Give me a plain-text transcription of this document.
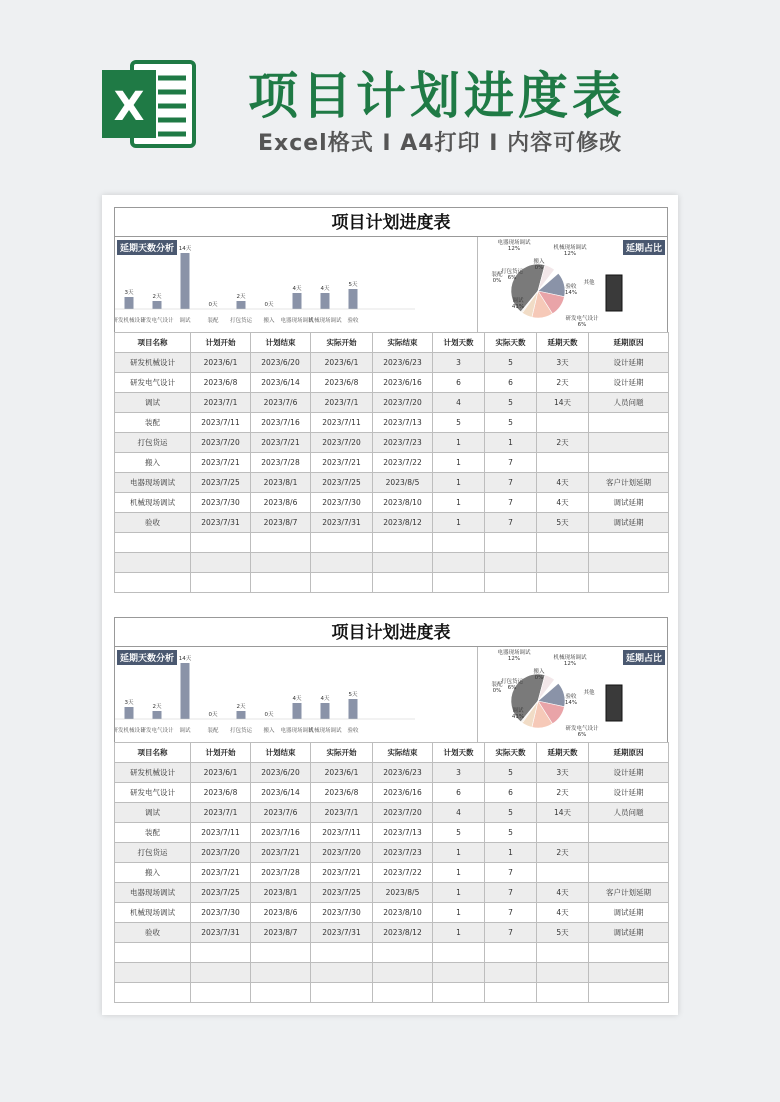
X 项目计划进度表
Excel格式 I A4打印 I 内容可修改
项目计划进度表
延期天数分析
3天
研发机械设计
2天
研发电气设计
14天
调试
0天
装配
2天
打包货运
0天
搬入
4天
电器现场调试
4天
机械现场调试
5天
验收
延期占比
调试
41%
研发电气设计
6%
其他
验收
14%
机械现场调试
12%
电器现场调试
12%
打包货运
6%
搬入
0%
装配
0%
项目名称	计划开始	计划结束	实际开始	实际结束	计划天数	实际天数	延期天数	延期原因
研发机械设计	2023/6/1	2023/6/20	2023/6/1	2023/6/23	3	5	3天	设计延期
研发电气设计	2023/6/8	2023/6/14	2023/6/8	2023/6/16	6	6	2天	设计延期
调试	2023/7/1	2023/7/6	2023/7/1	2023/7/20	4	5	14天	人员问题
装配	2023/7/11	2023/7/16	2023/7/11	2023/7/13	5	5		
打包货运	2023/7/20	2023/7/21	2023/7/20	2023/7/23	1	1	2天	
搬入	2023/7/21	2023/7/28	2023/7/21	2023/7/22	1	7		
电器现场调试	2023/7/25	2023/8/1	2023/7/25	2023/8/5	1	7	4天	客户计划延期
机械现场调试	2023/7/30	2023/8/6	2023/7/30	2023/8/10	1	7	4天	调试延期
验收	2023/7/31	2023/8/7	2023/7/31	2023/8/12	1	7	5天	调试延期

项目计划进度表
延期天数分析
3天
研发机械设计
2天
研发电气设计
14天
调试
0天
装配
2天
打包货运
0天
搬入
4天
电器现场调试
4天
机械现场调试
5天
验收
延期占比
调试
41%
研发电气设计
6%
其他
验收
14%
机械现场调试
12%
电器现场调试
12%
打包货运
6%
搬入
0%
装配
0%
项目名称	计划开始	计划结束	实际开始	实际结束	计划天数	实际天数	延期天数	延期原因
研发机械设计	2023/6/1	2023/6/20	2023/6/1	2023/6/23	3	5	3天	设计延期
研发电气设计	2023/6/8	2023/6/14	2023/6/8	2023/6/16	6	6	2天	设计延期
调试	2023/7/1	2023/7/6	2023/7/1	2023/7/20	4	5	14天	人员问题
装配	2023/7/11	2023/7/16	2023/7/11	2023/7/13	5	5		
打包货运	2023/7/20	2023/7/21	2023/7/20	2023/7/23	1	1	2天	
搬入	2023/7/21	2023/7/28	2023/7/21	2023/7/22	1	7		
电器现场调试	2023/7/25	2023/8/1	2023/7/25	2023/8/5	1	7	4天	客户计划延期
机械现场调试	2023/7/30	2023/8/6	2023/7/30	2023/8/10	1	7	4天	调试延期
验收	2023/7/31	2023/8/7	2023/7/31	2023/8/12	1	7	5天	调试延期
